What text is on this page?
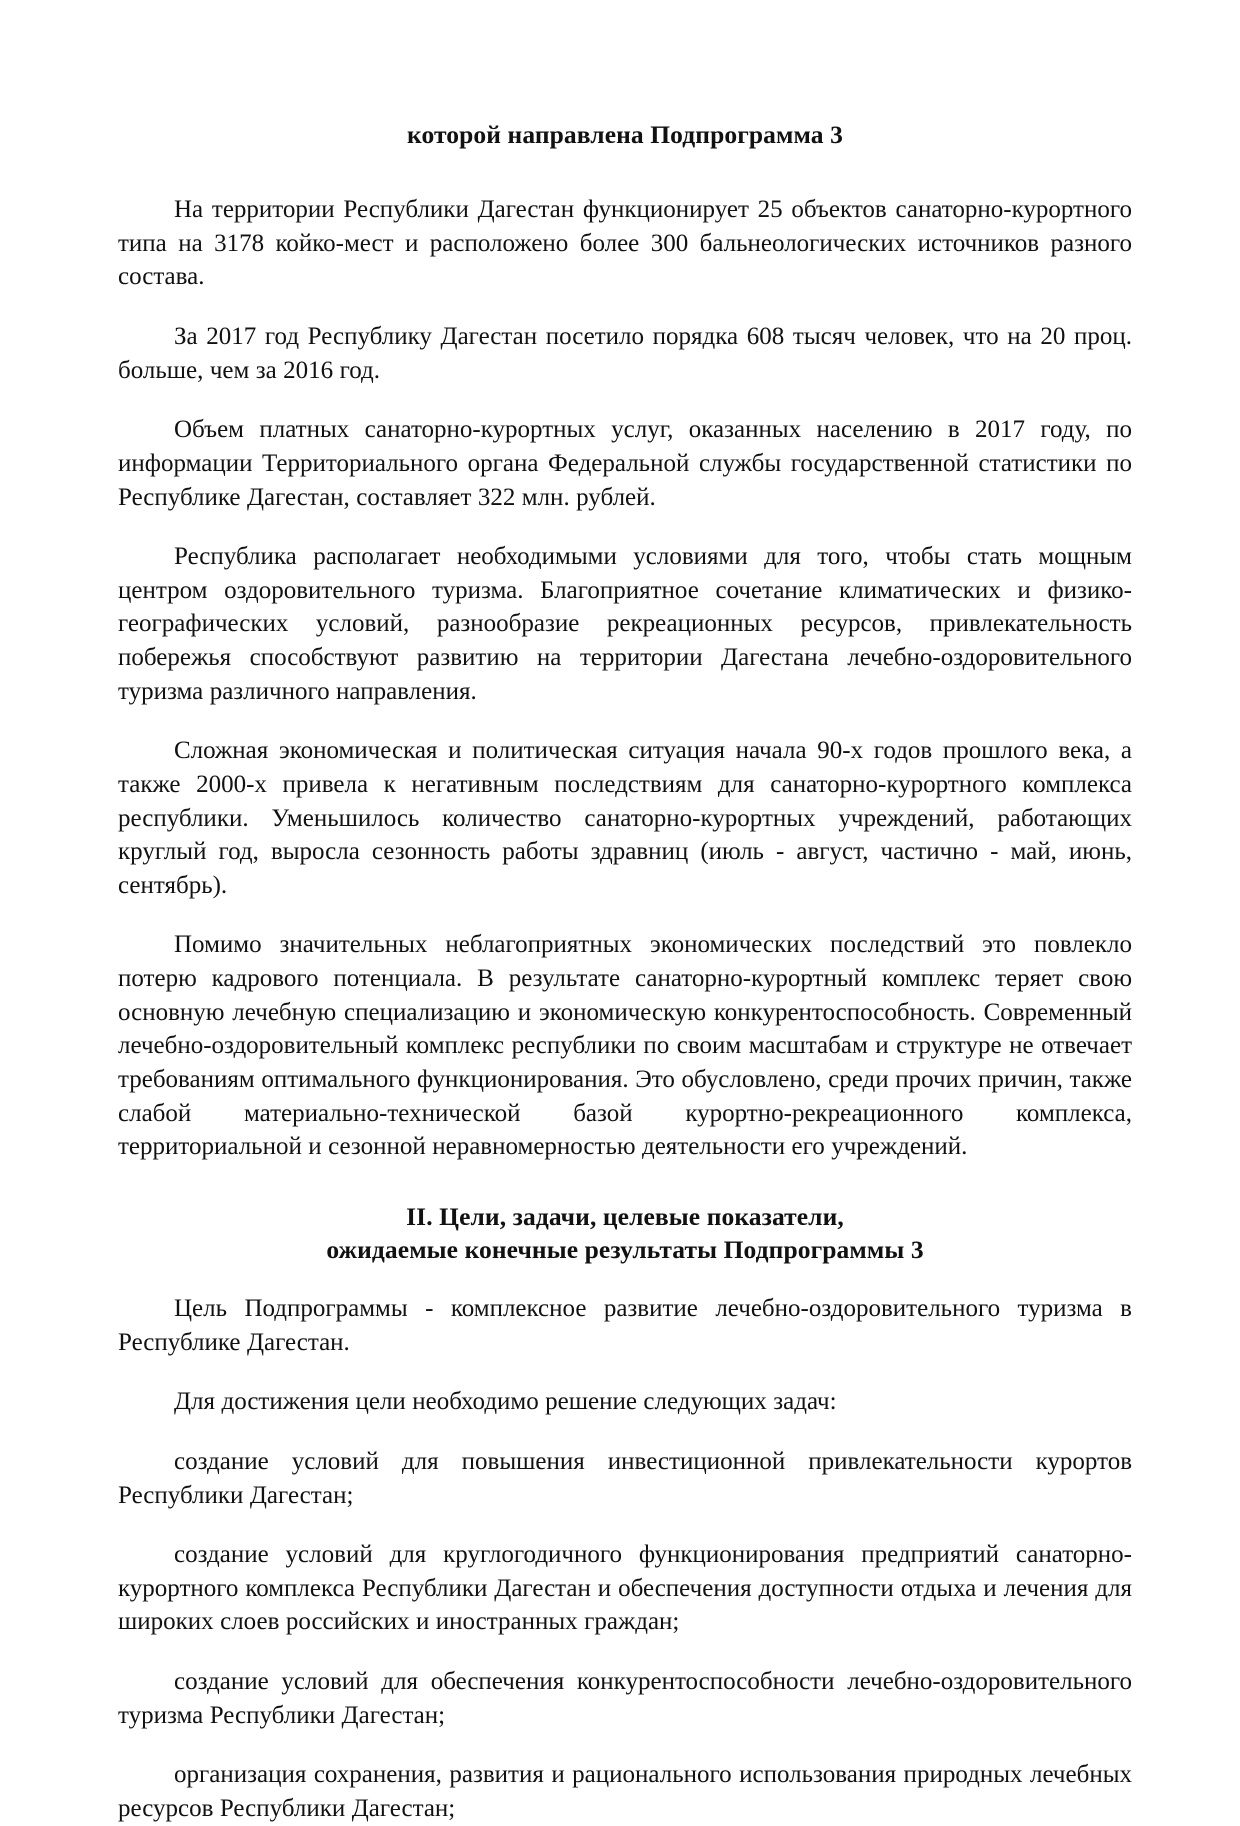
которой направлена Подпрограмма 3

На территории Республики Дагестан функционирует 25 объектов санаторно-курортного типа на 3178 койко-мест и расположено более 300 бальнеологических источников разного состава.

За 2017 год Республику Дагестан посетило порядка 608 тысяч человек, что на 20 проц. больше, чем за 2016 год.

Объем платных санаторно-курортных услуг, оказанных населению в 2017 году, по информации Территориального органа Федеральной службы государственной статистики по Республике Дагестан, составляет 322 млн. рублей.

Республика располагает необходимыми условиями для того, чтобы стать мощным центром оздоровительного туризма. Благоприятное сочетание климатических и физико-географических условий, разнообразие рекреационных ресурсов, привлекательность побережья способствуют развитию на территории Дагестана лечебно-оздоровительного туризма различного направления.

Сложная экономическая и политическая ситуация начала 90-х годов прошлого века, а также 2000-х привела к негативным последствиям для санаторно-курортного комплекса республики. Уменьшилось количество санаторно-курортных учреждений, работающих круглый год, выросла сезонность работы здравниц (июль - август, частично - май, июнь, сентябрь).

Помимо значительных неблагоприятных экономических последствий это повлекло потерю кадрового потенциала. В результате санаторно-курортный комплекс теряет свою основную лечебную специализацию и экономическую конкурентоспособность. Современный лечебно-оздоровительный комплекс республики по своим масштабам и структуре не отвечает требованиям оптимального функционирования. Это обусловлено, среди прочих причин, также слабой материально-технической базой курортно-рекреационного комплекса, территориальной и сезонной неравномерностью деятельности его учреждений.

II. Цели, задачи, целевые показатели,
ожидаемые конечные результаты Подпрограммы 3

Цель Подпрограммы - комплексное развитие лечебно-оздоровительного туризма в Республике Дагестан.

Для достижения цели необходимо решение следующих задач:

создание условий для повышения инвестиционной привлекательности курортов Республики Дагестан;

создание условий для круглогодичного функционирования предприятий санаторно-курортного комплекса Республики Дагестан и обеспечения доступности отдыха и лечения для широких слоев российских и иностранных граждан;

создание условий для обеспечения конкурентоспособности лечебно-оздоровительного туризма Республики Дагестан;

организация сохранения, развития и рационального использования природных лечебных ресурсов Республики Дагестан;
